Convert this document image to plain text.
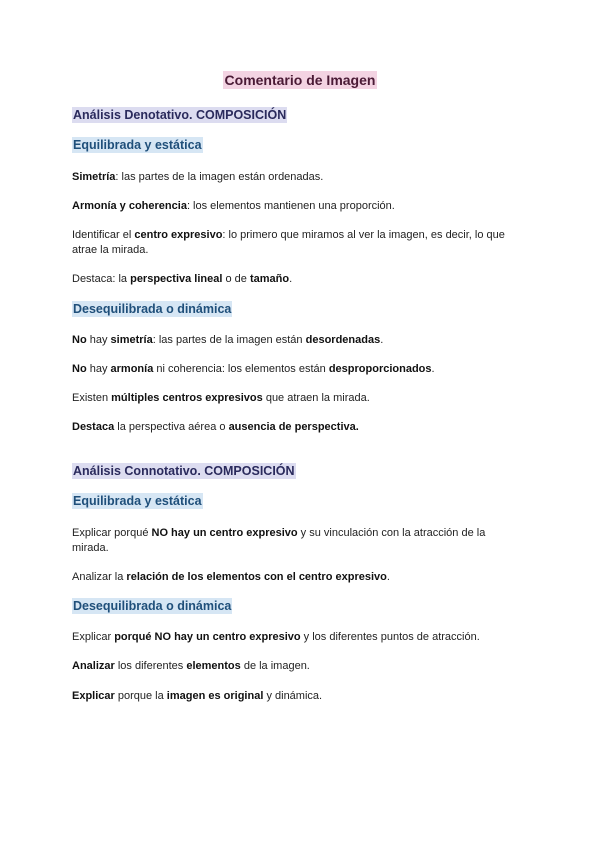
Comentario de Imagen
Análisis Denotativo. COMPOSICIÓN
Equilibrada y estática
Simetría: las partes de la imagen están ordenadas.
Armonía y coherencia: los elementos mantienen una proporción.
Identificar el centro expresivo: lo primero que miramos al ver la imagen, es decir, lo que atrae la mirada.
Destaca: la perspectiva lineal o de tamaño.
Desequilibrada o dinámica
No hay simetría: las partes de la imagen están desordenadas.
No hay armonía ni coherencia: los elementos están desproporcionados.
Existen múltiples centros expresivos que atraen la mirada.
Destaca la perspectiva aérea o ausencia de perspectiva.
Análisis Connotativo. COMPOSICIÓN
Equilibrada y estática
Explicar porqué NO hay un centro expresivo y su vinculación con la atracción de la mirada.
Analizar la relación de los elementos con el centro expresivo.
Desequilibrada o dinámica
Explicar porqué NO hay un centro expresivo y los diferentes puntos de atracción.
Analizar los diferentes elementos de la imagen.
Explicar porque la imagen es original y dinámica.
